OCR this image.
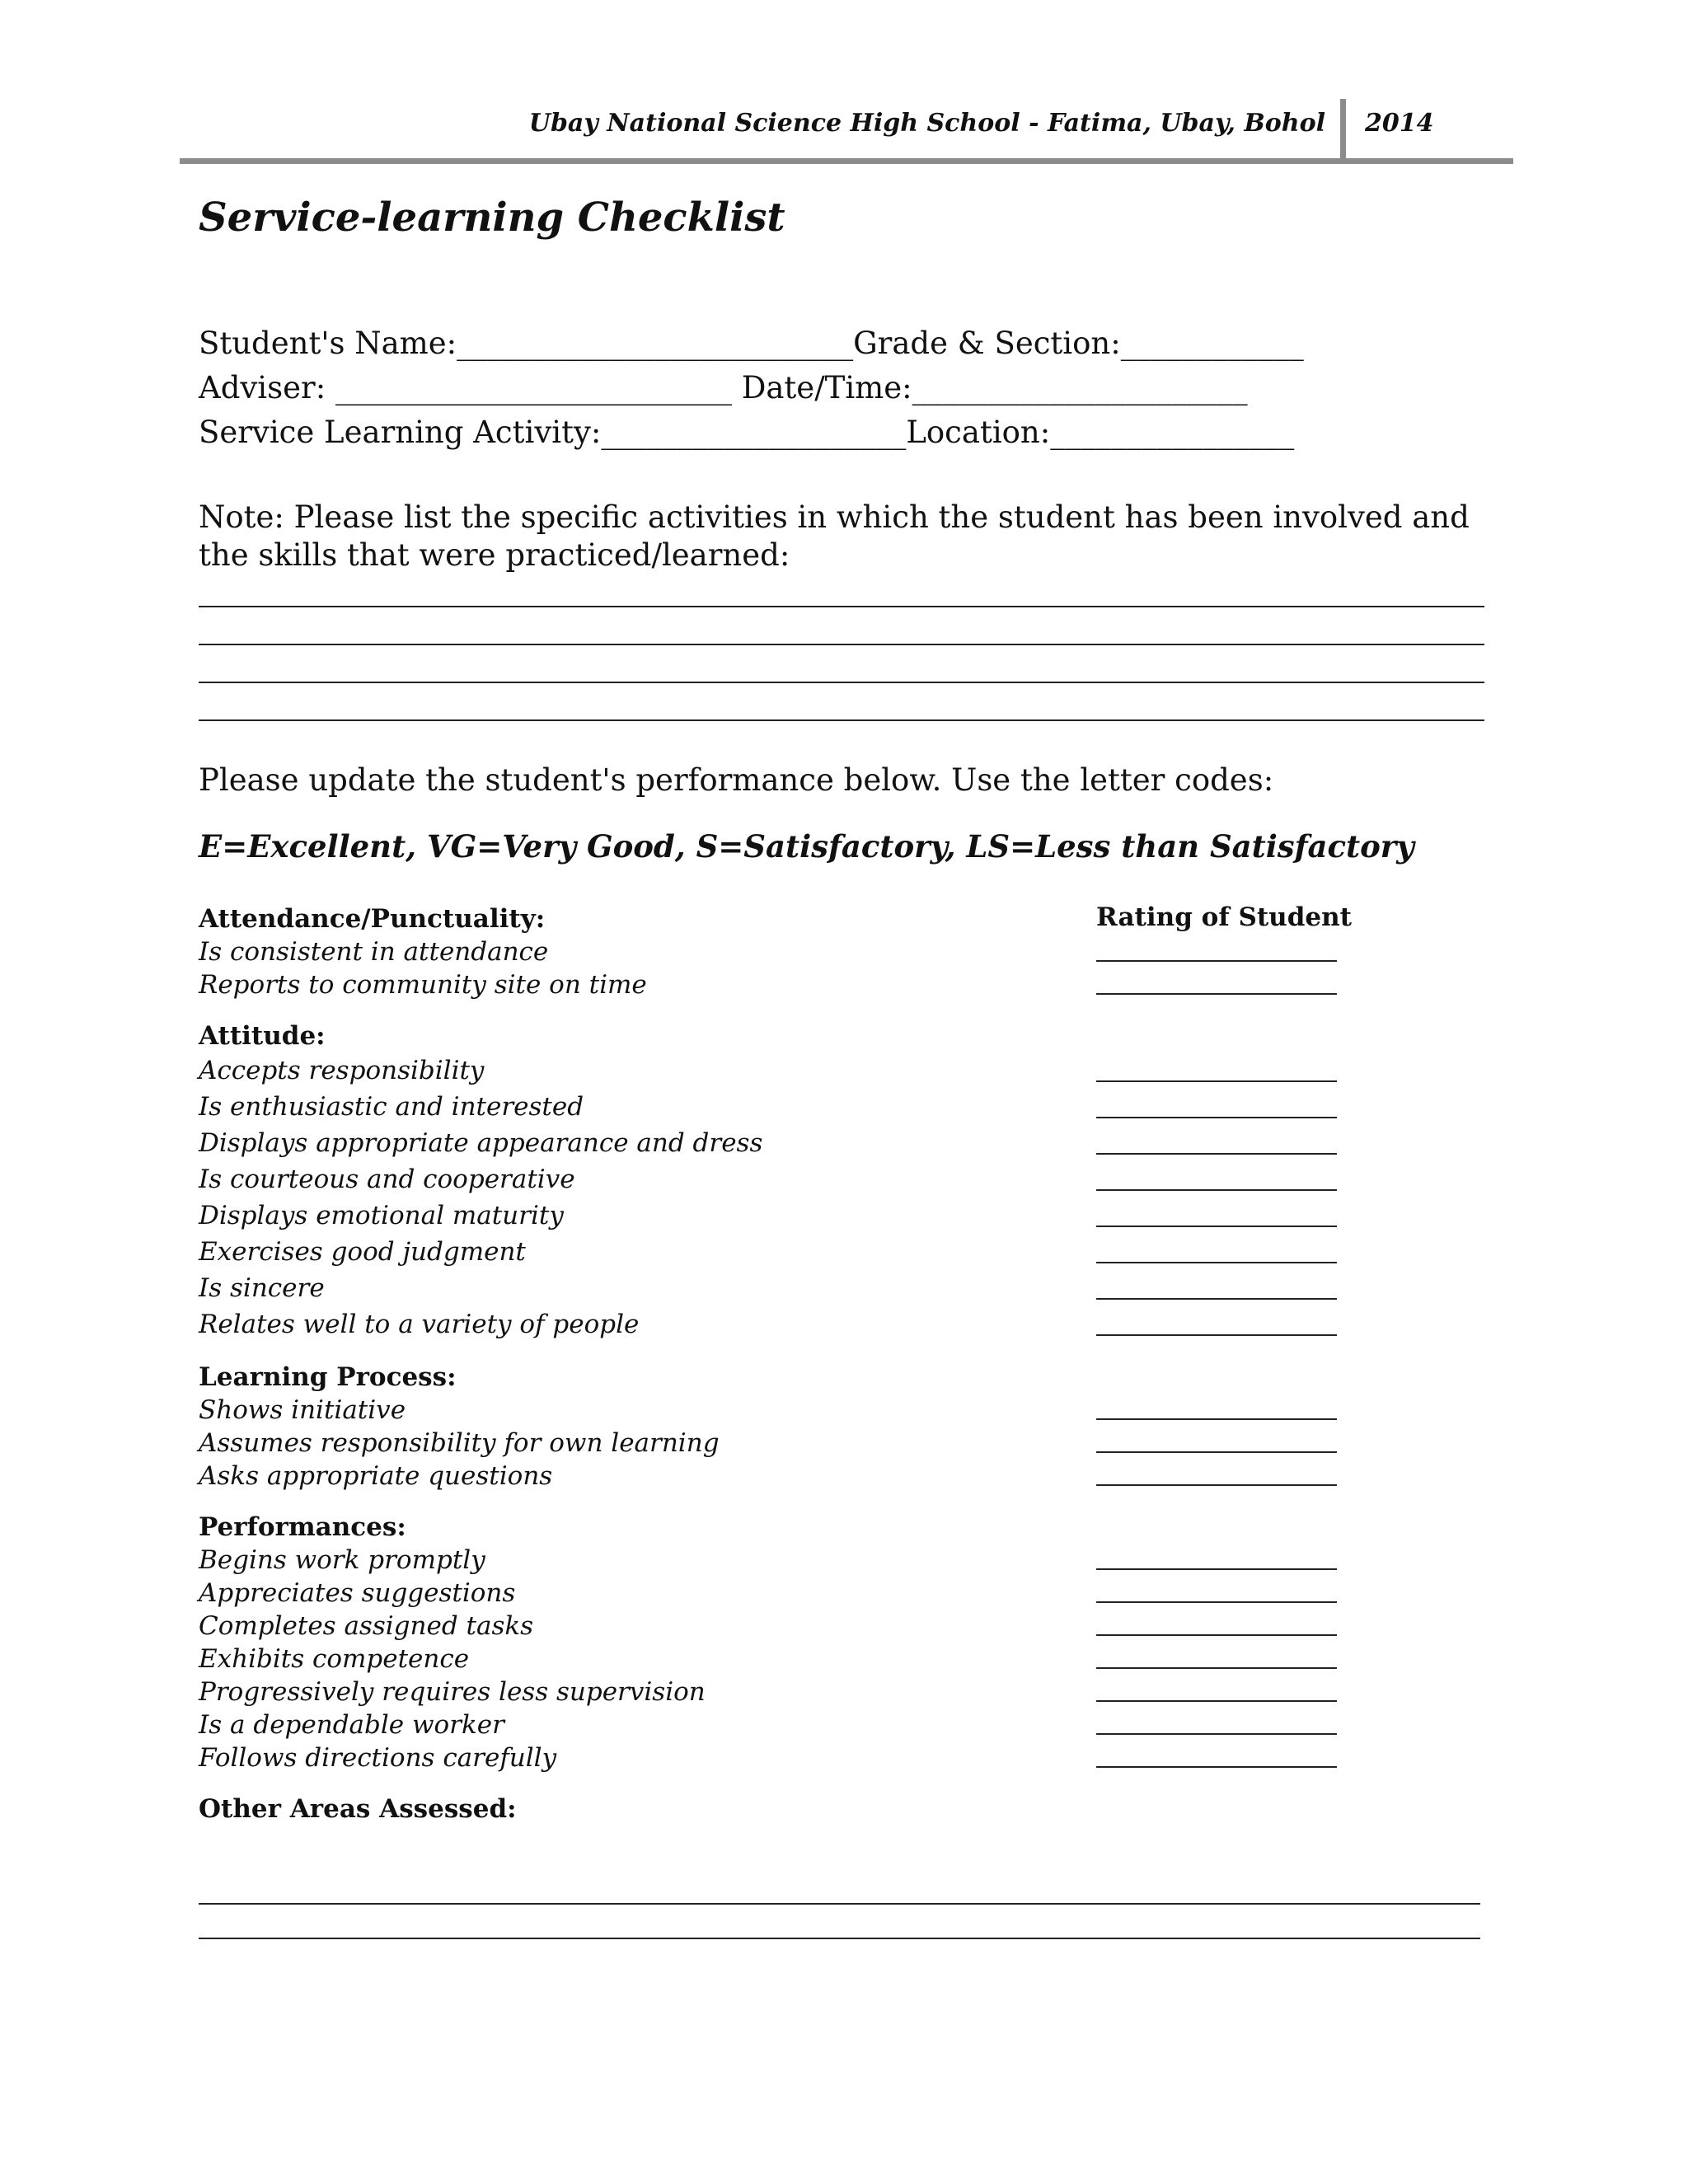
Ubay National Science High School - Fatima, Ubay, Bohol 2014
Service-learning Checklist
Student's Name:__________________________Grade & Section:____________
Adviser: __________________________ Date/Time:______________________
Service Learning Activity:____________________Location:________________
Note: Please list the specific activities in which the student has been involved and the skills that were practiced/learned:
Please update the student's performance below. Use the letter codes:
E=Excellent, VG=Very Good, S=Satisfactory, LS=Less than Satisfactory
Rating of Student
Attendance/Punctuality:
Is consistent in attendance
Reports to community site on time
Attitude:
Accepts responsibility
Is enthusiastic and interested
Displays appropriate appearance and dress
Is courteous and cooperative
Displays emotional maturity
Exercises good judgment
Is sincere
Relates well to a variety of people
Learning Process:
Shows initiative
Assumes responsibility for own learning
Asks appropriate questions
Performances:
Begins work promptly
Appreciates suggestions
Completes assigned tasks
Exhibits competence
Progressively requires less supervision
Is a dependable worker
Follows directions carefully
Other Areas Assessed:
